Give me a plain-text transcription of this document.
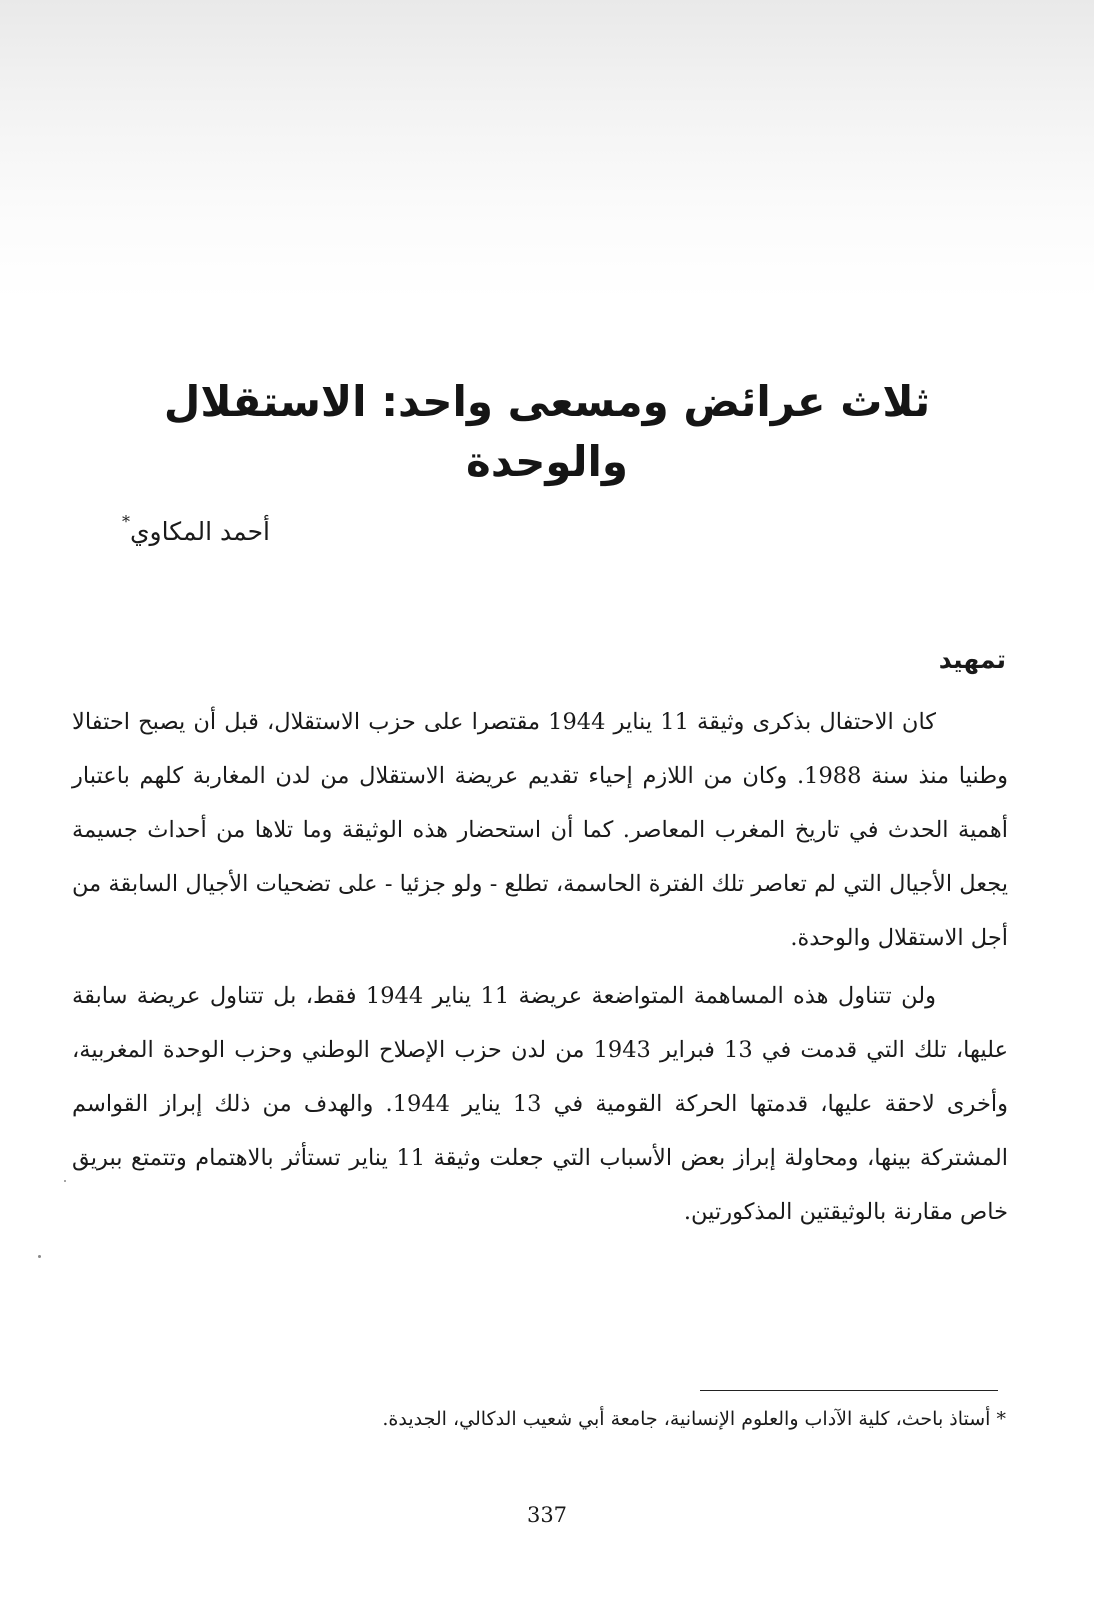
ثلاث عرائض ومسعى واحد: الاستقلال والوحدة
أحمد المكاوي*
تمهيد

كان الاحتفال بذكرى وثيقة 11 يناير 1944 مقتصرا على حزب الاستقلال، قبل أن يصبح احتفالا وطنيا منذ سنة 1988. وكان من اللازم إحياء تقديم عريضة الاستقلال من لدن المغاربة كلهم باعتبار أهمية الحدث في تاريخ المغرب المعاصر. كما أن استحضار هذه الوثيقة وما تلاها من أحداث جسيمة يجعل الأجيال التي لم تعاصر تلك الفترة الحاسمة، تطلع - ولو جزئيا - على تضحيات الأجيال السابقة من أجل الاستقلال والوحدة.

ولن تتناول هذه المساهمة المتواضعة عريضة 11 يناير 1944 فقط، بل تتناول عريضة سابقة عليها، تلك التي قدمت في 13 فبراير 1943 من لدن حزب الإصلاح الوطني وحزب الوحدة المغربية، وأخرى لاحقة عليها، قدمتها الحركة القومية في 13 يناير 1944. والهدف من ذلك إبراز القواسم المشتركة بينها، ومحاولة إبراز بعض الأسباب التي جعلت وثيقة 11 يناير تستأثر بالاهتمام وتتمتع ببريق خاص مقارنة بالوثيقتين المذكورتين.

* أستاذ باحث، كلية الآداب والعلوم الإنسانية، جامعة أبي شعيب الدكالي، الجديدة.
337
